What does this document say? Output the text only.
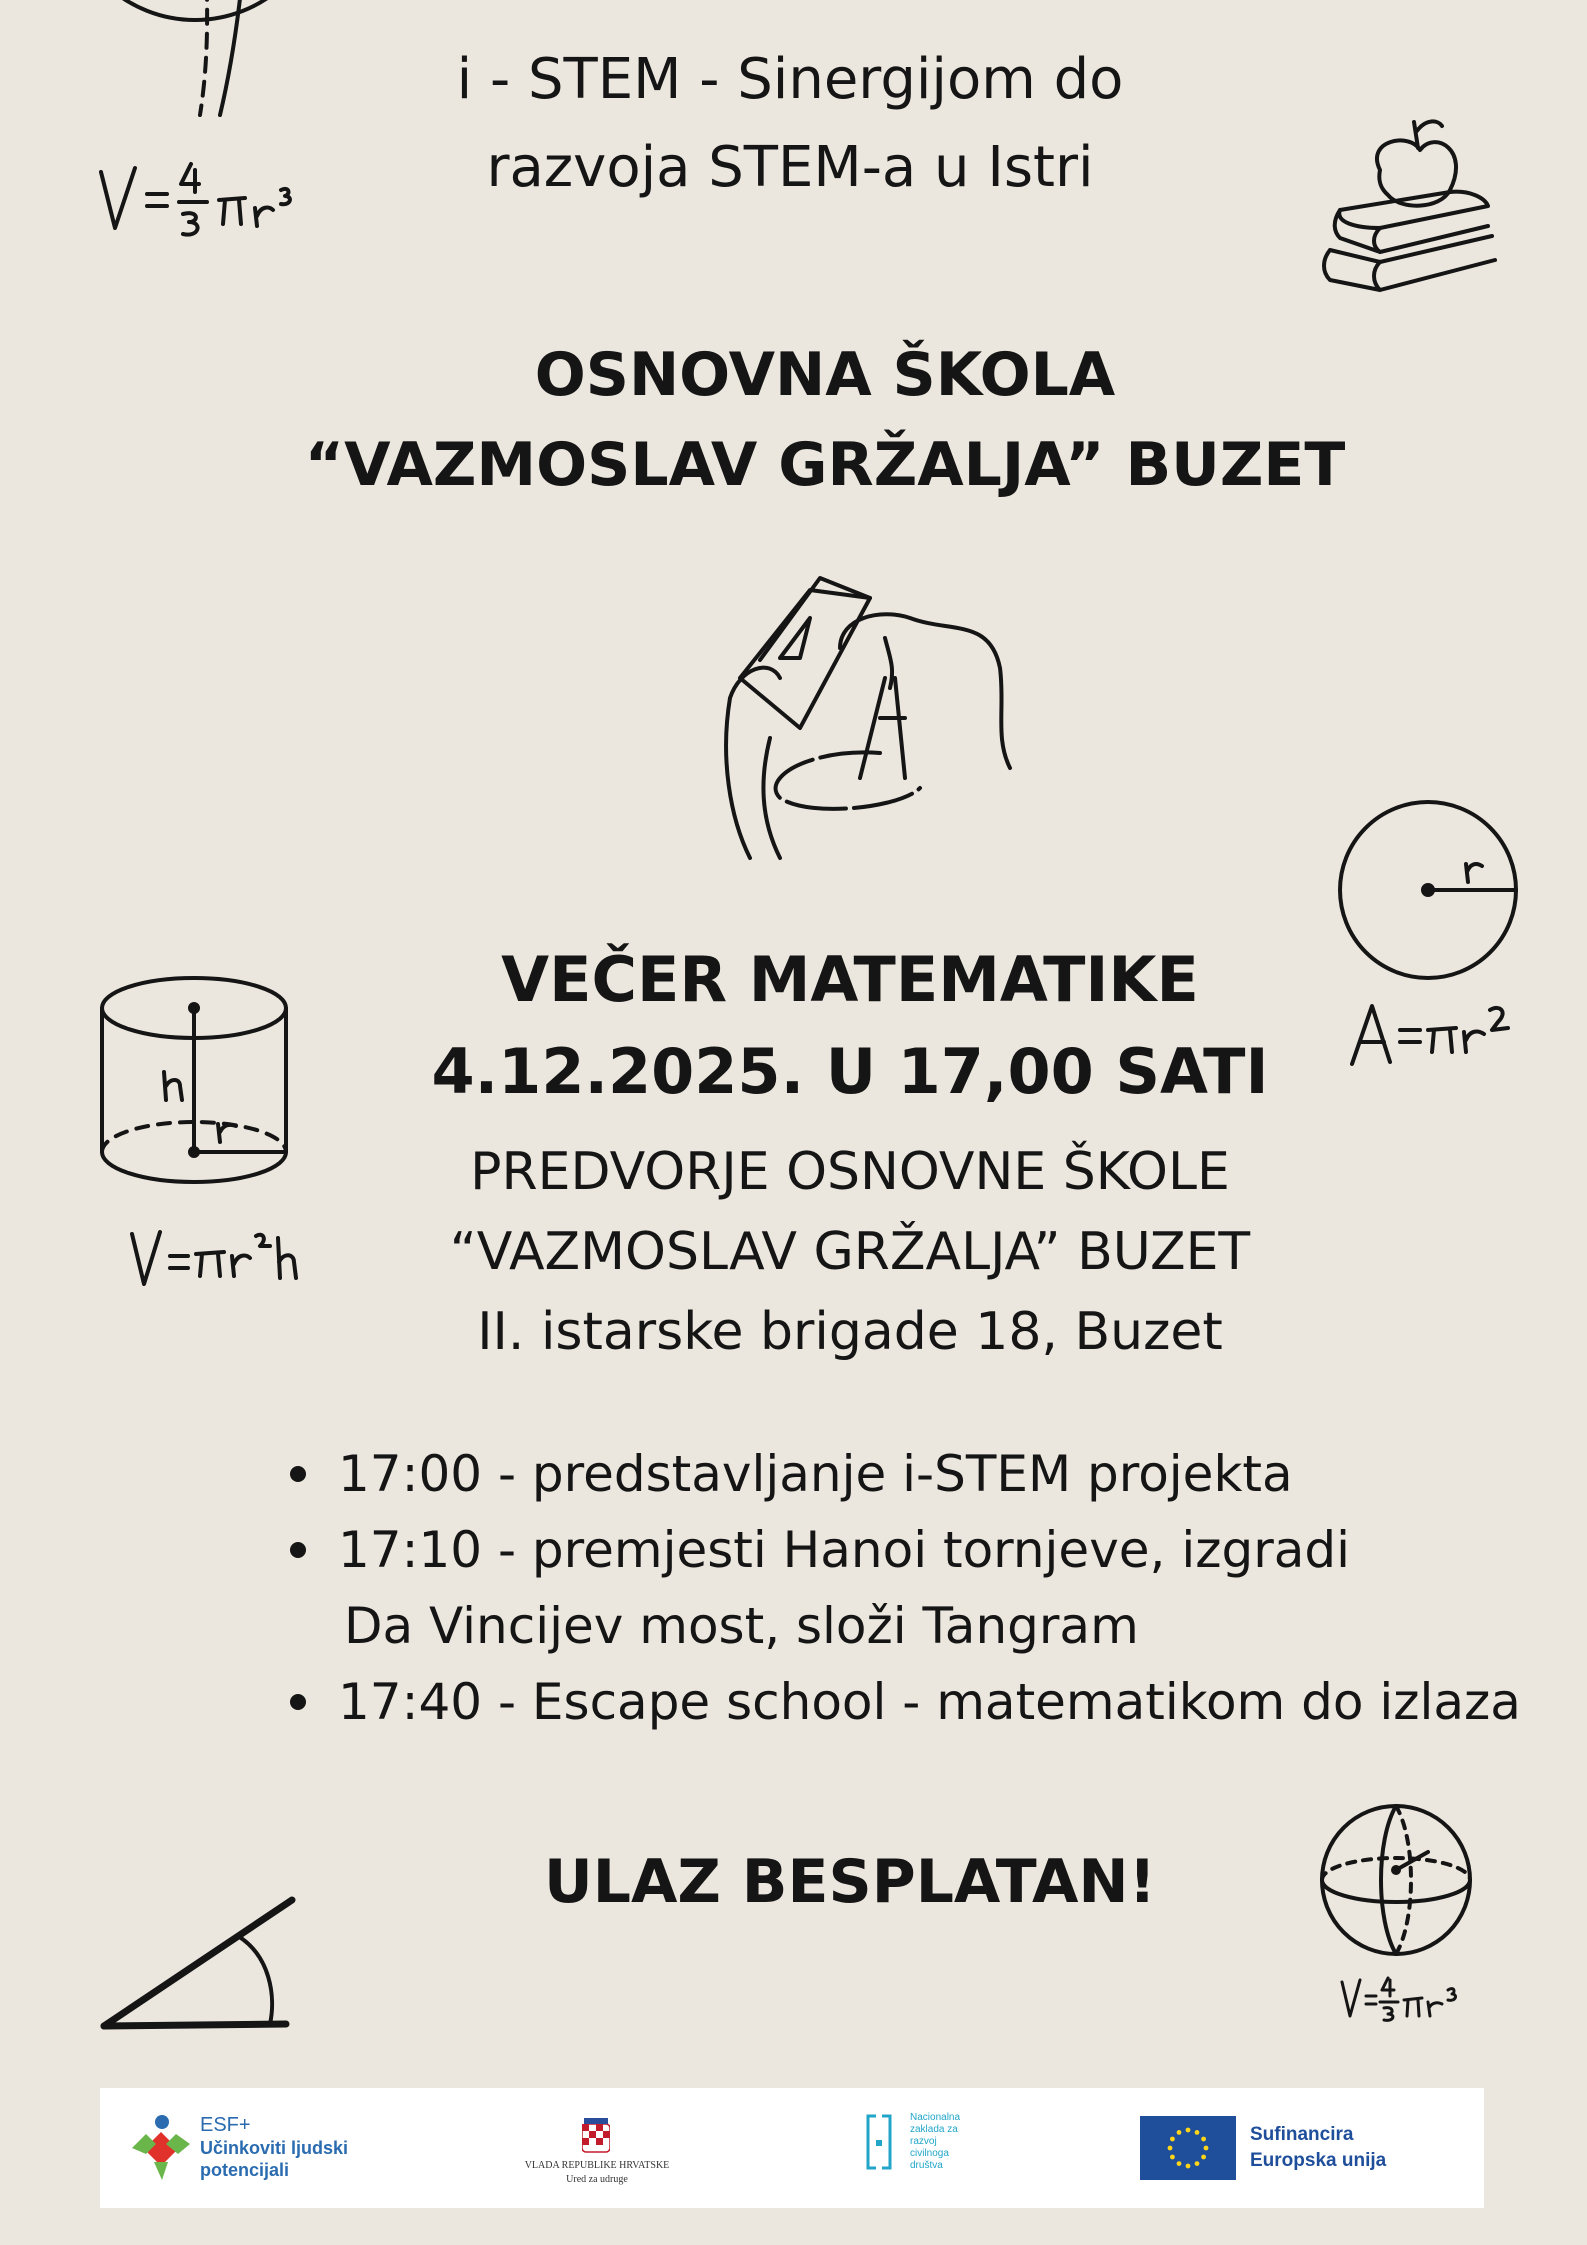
i - STEM - Sinergijom do
razvoja STEM-a u Istri
OSNOVNA ŠKOLA
“VAZMOSLAV GRŽALJA” BUZET
VEČER MATEMATIKE
4.12.2025. U 17,00 SATI
PREDVORJE OSNOVNE ŠKOLE
“VAZMOSLAV GRŽALJA” BUZET
II. istarske brigade 18, Buzet
17:00 - predstavljanje i-STEM projekta
17:10 - premjesti Hanoi tornjeve, izgradi
Da Vincijev most, složi Tangram
17:40 - Escape school - matematikom do izlaza
ULAZ BESPLATAN!
ESF+
Učinkoviti ljudski
potencijali	VLADA REPUBLIKE HRVATSKE
Ured za udruge
Nacionalna
zaklada za
razvoj
civilnoga
društva
Sufinancira
Europska unija
